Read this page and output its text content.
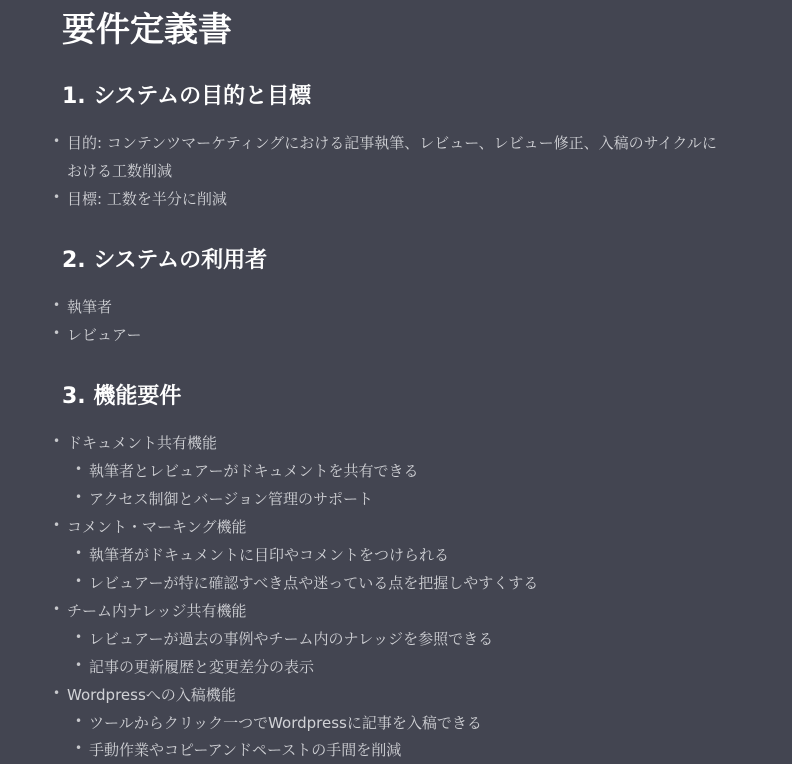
要件定義書
1. システムの目的と目標
• 目的: コンテンツマーケティングにおける記事執筆、レビュー、レビュー修正、入稿のサイクルにおける工数削減
• 目標: 工数を半分に削減
2. システムの利用者
• 執筆者
• レビュアー
3. 機能要件
• ドキュメント共有機能
• 執筆者とレビュアーがドキュメントを共有できる
• アクセス制御とバージョン管理のサポート
• コメント・マーキング機能
• 執筆者がドキュメントに目印やコメントをつけられる
• レビュアーが特に確認すべき点や迷っている点を把握しやすくする
• チーム内ナレッジ共有機能
• レビュアーが過去の事例やチーム内のナレッジを参照できる
• 記事の更新履歴と変更差分の表示
• Wordpressへの入稿機能
• ツールからクリック一つでWordpressに記事を入稿できる
• 手動作業やコピーアンドペーストの手間を削減
